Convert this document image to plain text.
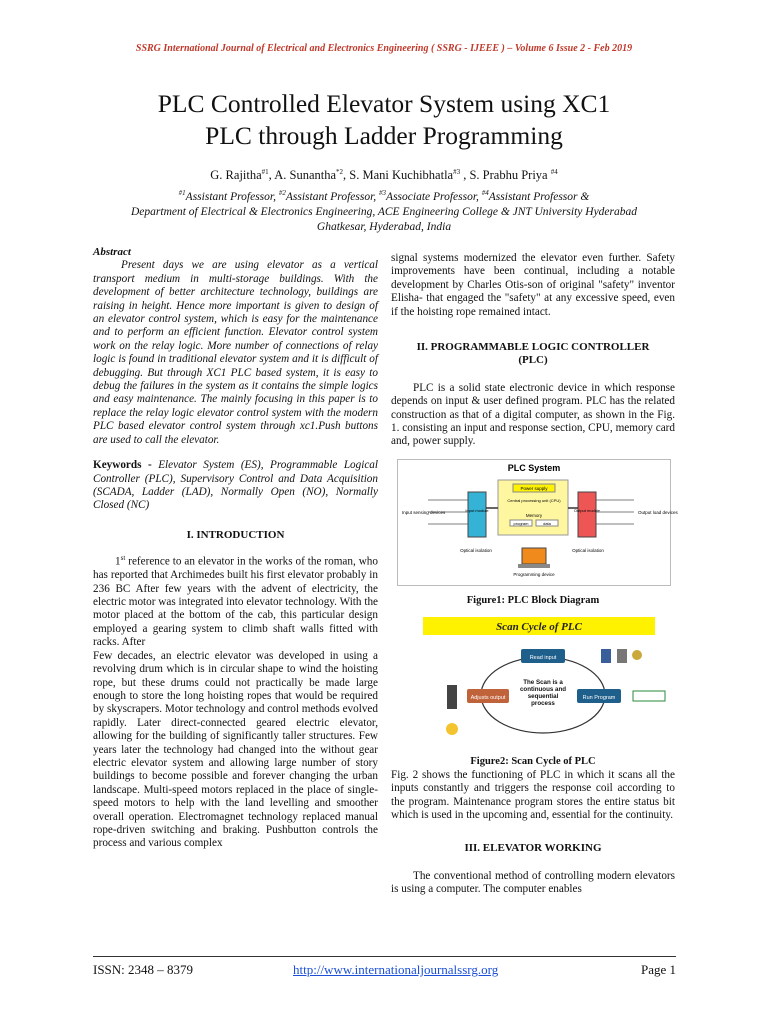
SSRG International Journal of Electrical and Electronics Engineering ( SSRG - IJEEE ) – Volume 6 Issue 2 - Feb 2019
PLC Controlled Elevator System using XC1
PLC through Ladder Programming
G. Rajitha$^{\#1}$, A. Sunantha$^{*2}$, S. Mani Kuchibhatla$^{\#3}$ , S. Prabhu Priya $^{\#4}$
$^{\#1}$Assistant Professor, $^{\#2}$Assistant Professor, $^{\#3}$Associate Professor, $^{\#4}$Assistant Professor &
Department of Electrical & Electronics Engineering, ACE Engineering College & JNT University Hyderabad
Ghatkesar, Hyderabad, India
Abstract

Present days we are using elevator as a vertical transport medium in multi-storage buildings. With the development of better architecture technology, buildings are raising in height. Hence more important is given to design of an elevator control system, which is easy for the maintenance and to perform an efficient function. Elevator control system work on the relay logic. More number of connections of relay logic is found in traditional elevator system and it is difficult of debugging. But through XC1 PLC based system, it is easy to debug the failures in the system as it contains the simple logics and easy maintenance. The mainly focusing in this paper is to replace the relay logic elevator control system with the modern PLC based elevator control system through xc1.Push buttons are used to call the elevator.

Keywords - Elevator System (ES), Programmable Logical Controller (PLC), Supervisory Control and Data Acquisition (SCADA, Ladder (LAD), Normally Open (NO), Normally Closed (NC)

I. INTRODUCTION

1st reference to an elevator in the works of the roman, who has reported that Archimedes built his first elevator probably in 236 BC After few years with the advent of electricity, the electric motor was integrated into elevator technology. With the motor placed at the bottom of the cab, this particular design employed a gearing system to climb shaft walls fitted with racks. After

Few decades, an electric elevator was developed in using a revolving drum which is in circular shape to wind the hoisting rope, but these drums could not practically be made large enough to store the long hoisting ropes that would be required by skyscrapers. Motor technology and control methods evolved rapidly. Later direct-connected geared electric elevator, allowing for the building of significantly taller structures. Few years later the technology had changed into the without gear electric elevator system and allowing large number of story buildings to become possible and forever changing the urban landscape. Multi-speed motors replaced in the place of single-speed motors to help with the land levelling and smoother overall operation. Electromagnet technology replaced manual rope-driven switching and braking. Pushbutton controls the process and various complex

signal systems modernized the elevator even further. Safety improvements have been continual, including a notable development by Charles Otis-son of original "safety" inventor Elisha- that engaged the "safety" at any excessive speed, even if the hoisting rope remained intact.

II. PROGRAMMABLE LOGIC CONTROLLER
(PLC)

PLC is a solid state electronic device in which response depends on input & user defined program. PLC has the related construction as that of a digital computer, as shown in the Fig. 1. consisting an input and response section, CPU, memory card and, power supply.

PLC System
Power supply
Central processing unit (CPU)
Memory
program	data
Input module	Output module
Input sensing devices	Output load devices
Optical isolation	Optical isolation
Programming device
Figure1: PLC Block Diagram
Scan Cycle of PLC
Read input
Run Program
Adjusts output
The Scan is a continuous and sequential process
Figure2: Scan Cycle of PLC

Fig. 2 shows the functioning of PLC in which it scans all the inputs constantly and triggers the response coil according to the program. Maintenance program stores the entire status bit which is used in the upcoming and, essential for the continuity.

III. ELEVATOR WORKING

The conventional method of controlling modern elevators is using a computer. The computer enables

ISSN: 2348 – 8379	http://www.internationaljournalssrg.org	Page 1
